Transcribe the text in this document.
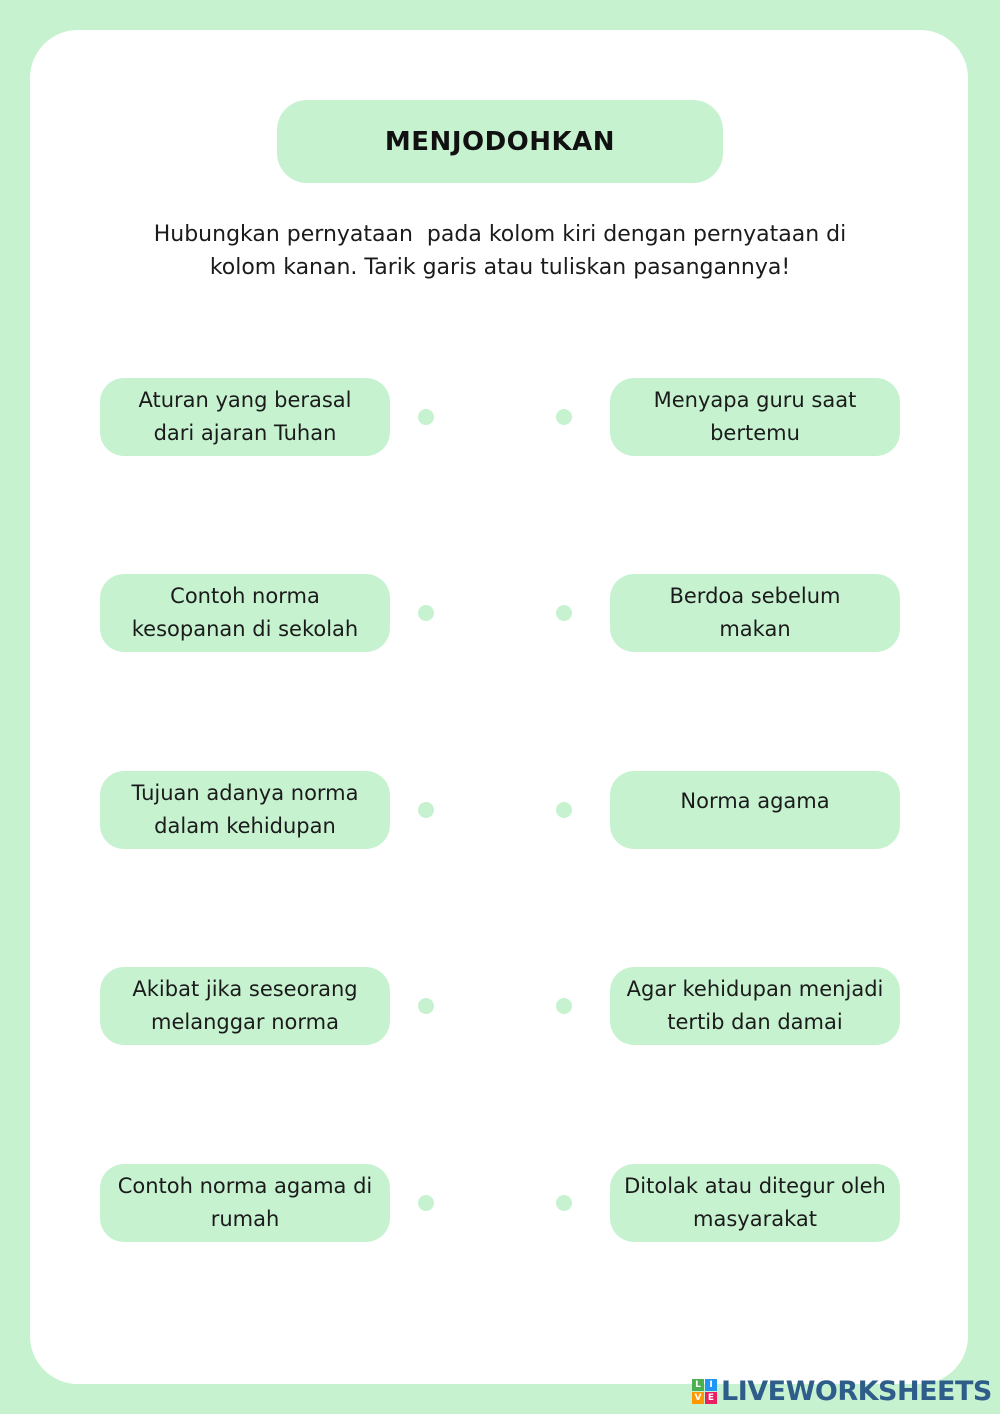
MENJODOHKAN
Hubungkan pernyataan  pada kolom kiri dengan pernyataan di
kolom kanan. Tarik garis atau tuliskan pasangannya!
Aturan yang berasal
dari ajaran Tuhan
Menyapa guru saat
bertemu
Contoh norma
kesopanan di sekolah
Berdoa sebelum
makan
Tujuan adanya norma
dalam kehidupan
Norma agama
Akibat jika seseorang
melanggar norma
Agar kehidupan menjadi
tertib dan damai
Contoh norma agama di
rumah
Ditolak atau ditegur oleh
masyarakat
L I
V E LIVEWORKSHEETS
